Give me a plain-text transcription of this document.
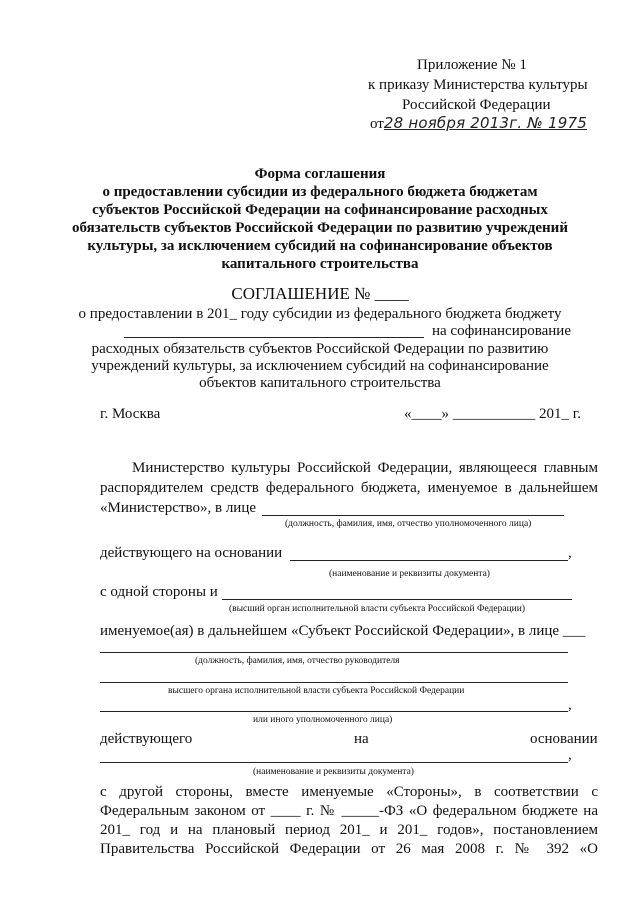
Приложение № 1
к приказу Министерства культуры
Российской Федерации
от28 ноября 2013г. № 1975
Форма соглашения
о предоставлении субсидии из федерального бюджета бюджетам
субъектов Российской Федерации на софинансирование расходных
обязательств субъектов Российской Федерации по развитию учреждений
культуры, за исключением субсидий на софинансирование объектов
капитального строительства
СОГЛАШЕНИЕ № ____
о предоставлении в 201_ году субсидии из федерального бюджета бюджету
на софинансирование
расходных обязательств субъектов Российской Федерации по развитию
учреждений культуры, за исключением субсидий на софинансирование
объектов капитального строительства
г. Москва	«____» ___________ 201_ г.
Министерство культуры Российской Федерации, являющееся главным
распорядителем средств федерального бюджета, именуемое в дальнейшем
«Министерство», в лице
(должность, фамилия, имя, отчество уполномоченного лица)
действующего на основании	,
(наименование и реквизиты документа)
с одной стороны и
(высший орган исполнительной власти субъекта Российской Федерации)
именуемое(ая) в дальнейшем «Субъект Российской Федерации», в лице ___
(должность, фамилия, имя, отчество руководителя
высшего органа исполнительной власти субъекта Российской Федерации
,
или иного уполномоченного лица)
действующего	на	основании
,
(наименование и реквизиты документа)
с другой стороны, вместе именуемые «Стороны», в соответствии с
Федеральным законом от ____ г. № _____-ФЗ «О федеральном бюджете на
201_ год и на плановый период 201_ и 201_ годов», постановлением
Правительства Российской Федерации от 26 мая 2008 г. № 392 «О
